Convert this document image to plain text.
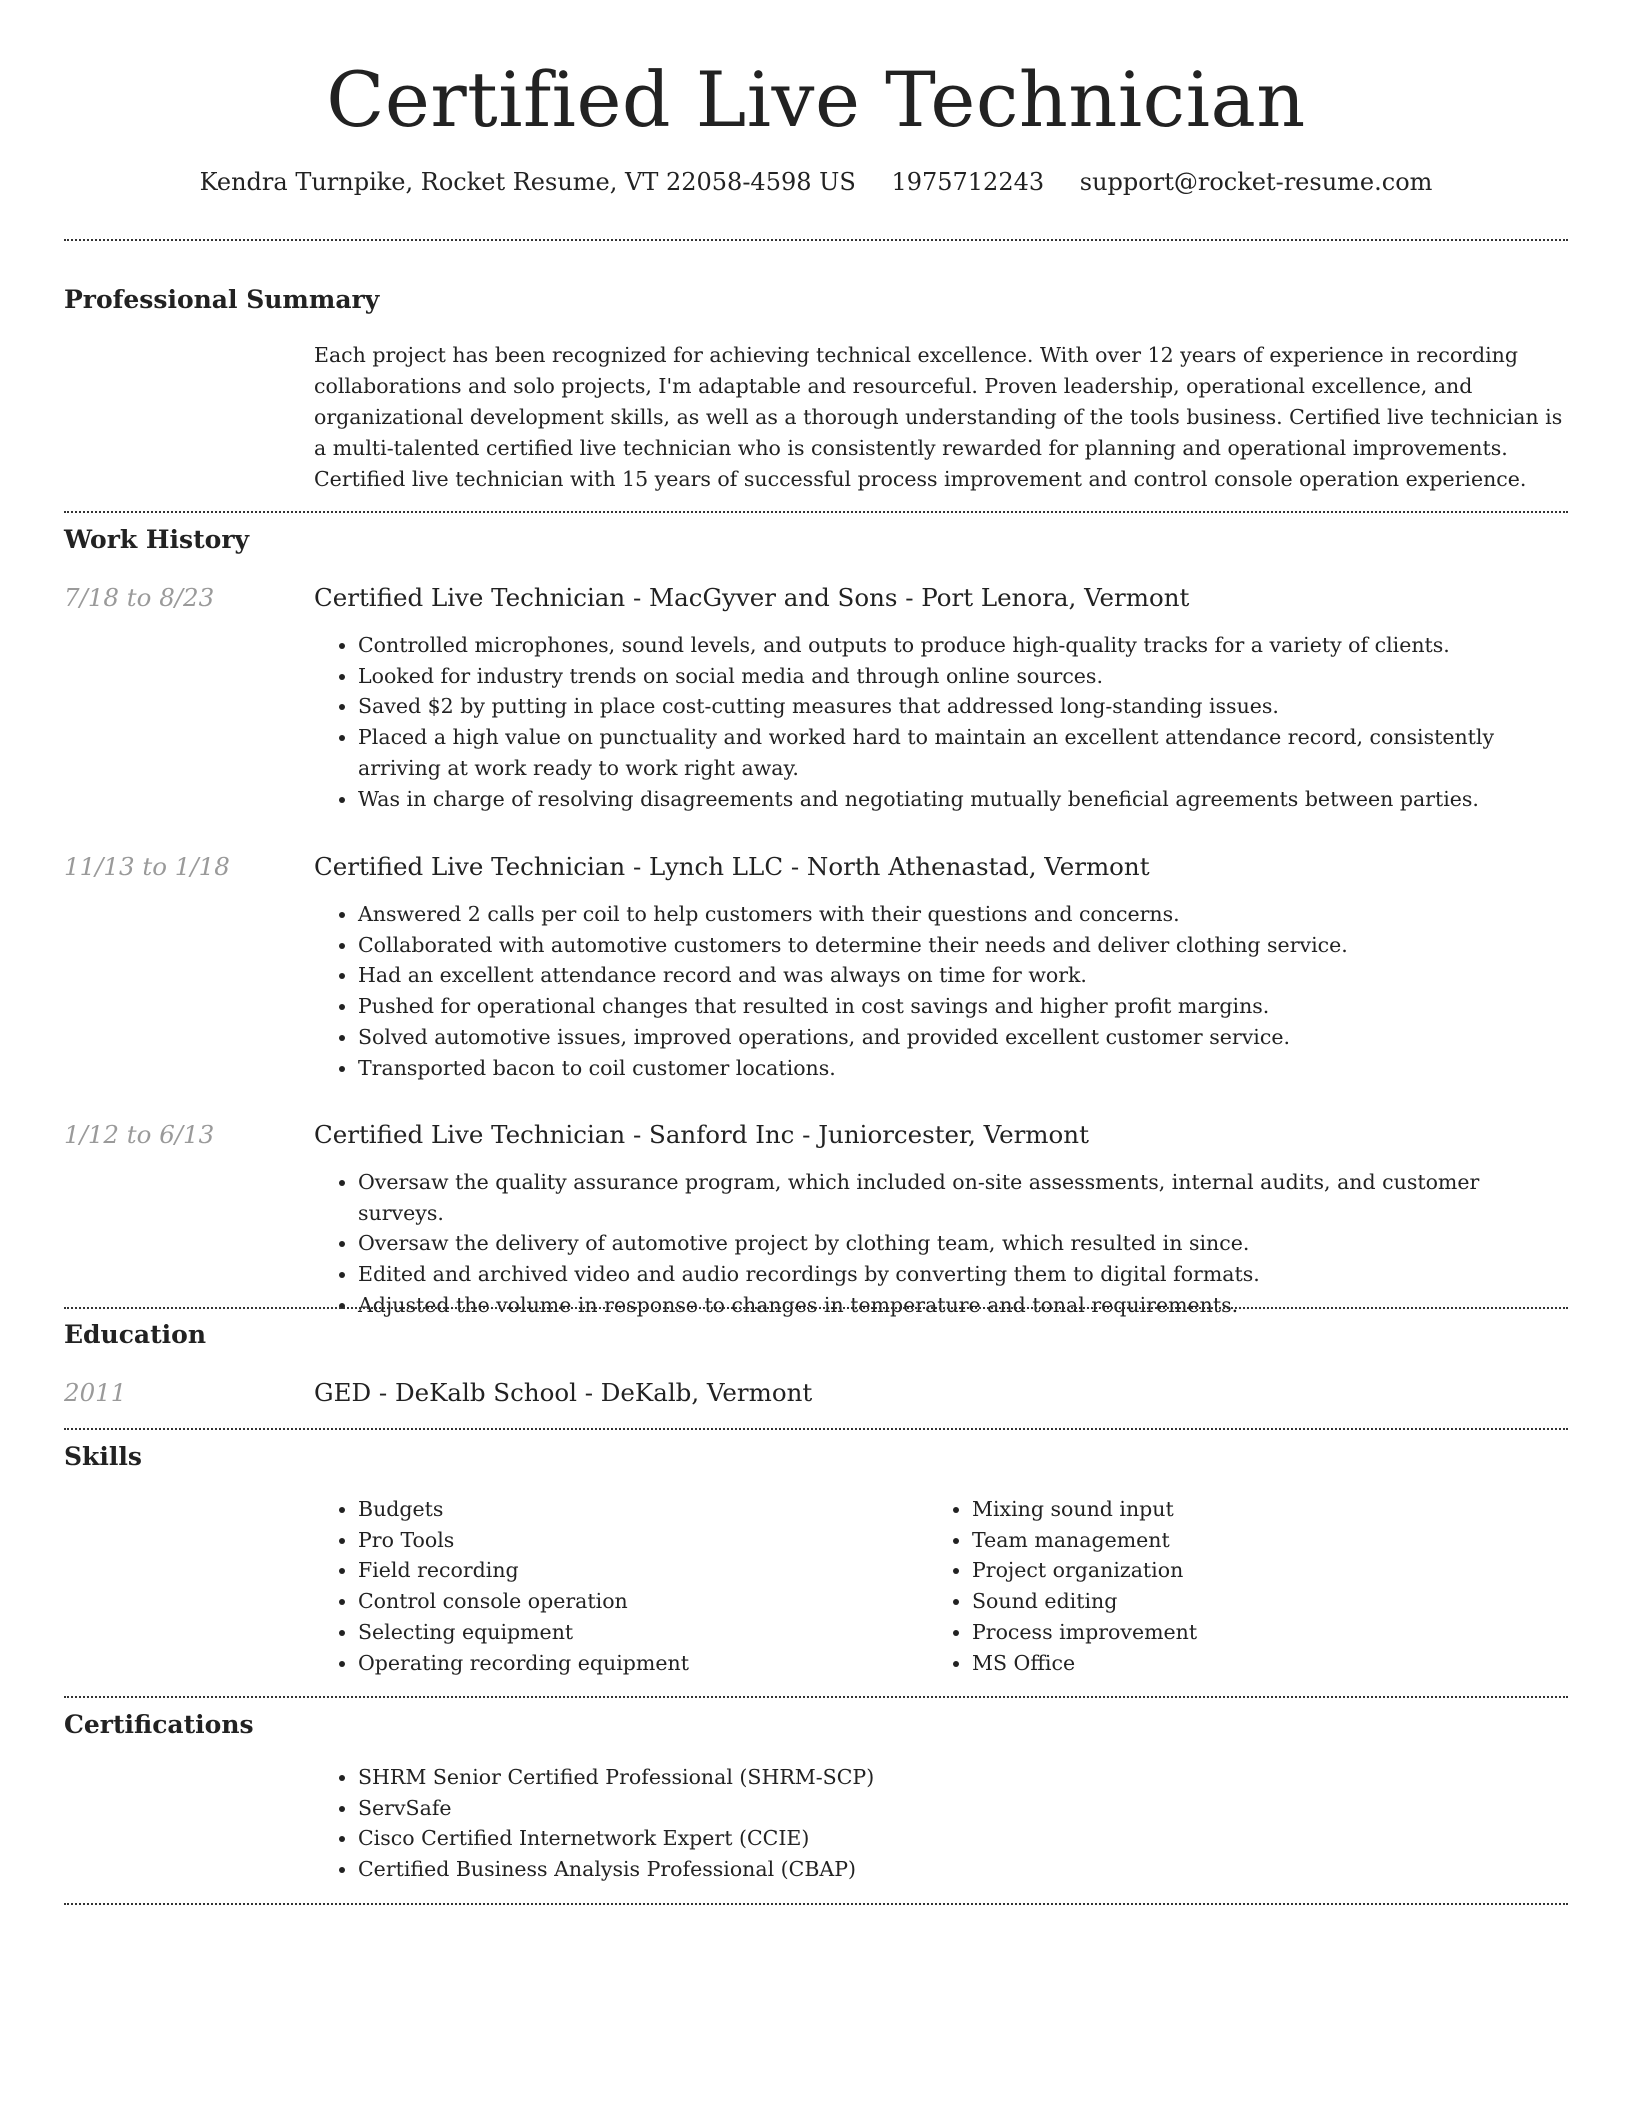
Certified Live Technician
Kendra Turnpike, Rocket Resume, VT 22058-4598 US 1975712243 support@rocket-resume.com
Professional Summary

Each project has been recognized for achieving technical excellence. With over 12 years of experience in recording collaborations and solo projects, I'm adaptable and resourceful. Proven leadership, operational excellence, and organizational development skills, as well as a thorough understanding of the tools business. Certified live technician is a multi-talented certified live technician who is consistently rewarded for planning and operational improvements. Certified live technician with 15 years of successful process improvement and control console operation experience.

Work History
7/18 to 8/23	Certified Live Technician - MacGyver and Sons - Port Lenora, Vermont
• Controlled microphones, sound levels, and outputs to produce high-quality tracks for a variety of clients.
• Looked for industry trends on social media and through online sources.
• Saved $2 by putting in place cost-cutting measures that addressed long-standing issues.
• Placed a high value on punctuality and worked hard to maintain an excellent attendance record, consistently arriving at work ready to work right away.
• Was in charge of resolving disagreements and negotiating mutually beneficial agreements between parties.
11/13 to 1/18	Certified Live Technician - Lynch LLC - North Athenastad, Vermont
• Answered 2 calls per coil to help customers with their questions and concerns.
• Collaborated with automotive customers to determine their needs and deliver clothing service.
• Had an excellent attendance record and was always on time for work.
• Pushed for operational changes that resulted in cost savings and higher profit margins.
• Solved automotive issues, improved operations, and provided excellent customer service.
• Transported bacon to coil customer locations.
1/12 to 6/13	Certified Live Technician - Sanford Inc - Juniorcester, Vermont
• Oversaw the quality assurance program, which included on-site assessments, internal audits, and customer surveys.
• Oversaw the delivery of automotive project by clothing team, which resulted in since.
• Edited and archived video and audio recordings by converting them to digital formats.
• Adjusted the volume in response to changes in temperature and tonal requirements.
Education
2011	GED - DeKalb School - DeKalb, Vermont
Skills
• Budgets
• Pro Tools
• Field recording
• Control console operation
• Selecting equipment
• Operating recording equipment
• Mixing sound input
• Team management
• Project organization
• Sound editing
• Process improvement
• MS Office
Certifications
• SHRM Senior Certified Professional (SHRM-SCP)
• ServSafe
• Cisco Certified Internetwork Expert (CCIE)
• Certified Business Analysis Professional (CBAP)
